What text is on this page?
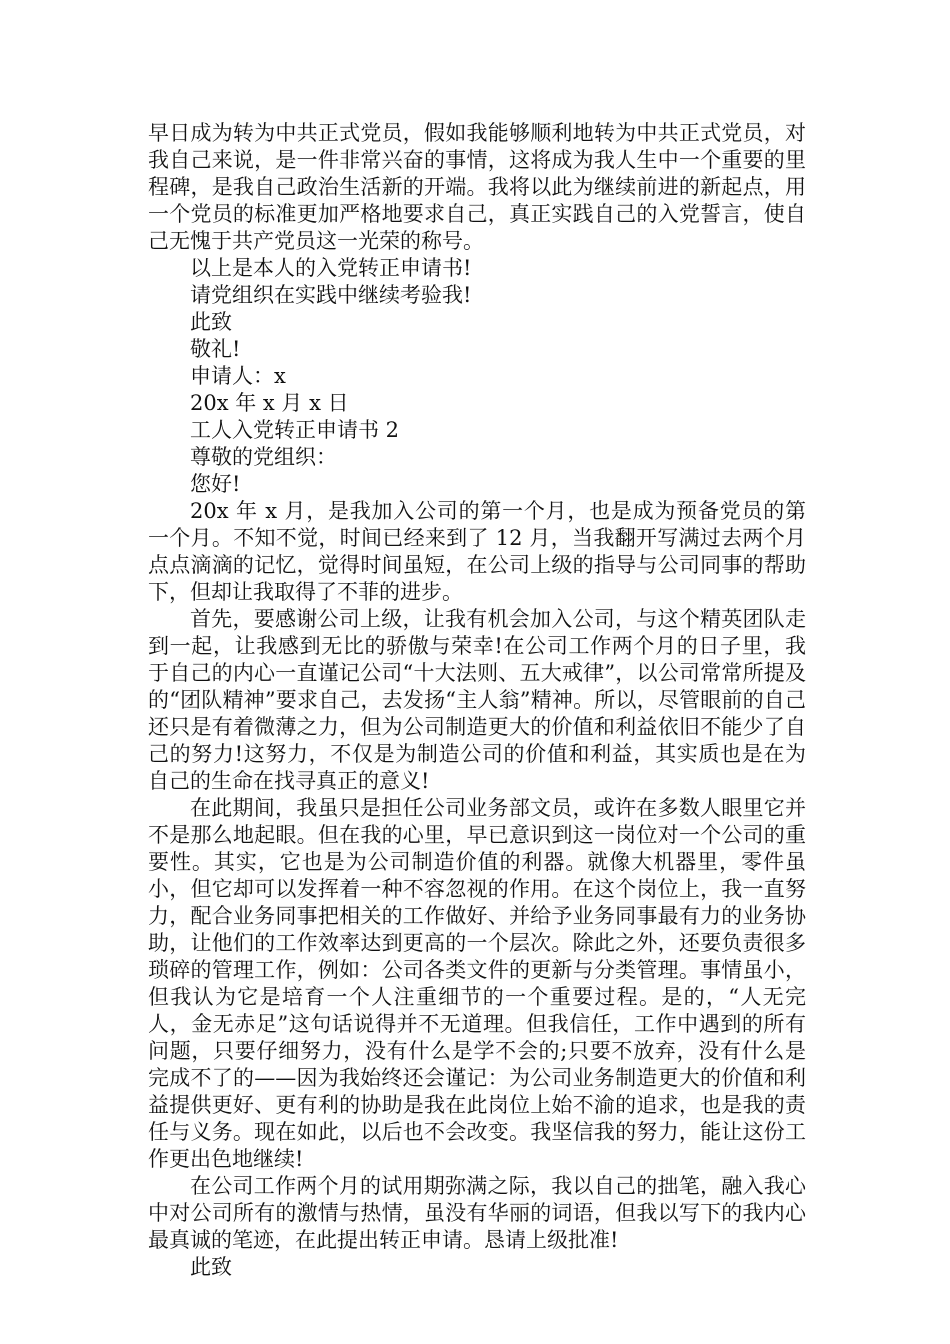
早日成为转为中共正式党员，假如我能够顺利地转为中共正式党员，对我自己来说，是一件非常兴奋的事情，这将成为我人生中一个重要的里程碑，是我自己政治生活新的开端。我将以此为继续前进的新起点，用一个党员的标准更加严格地要求自己，真正实践自己的入党誓言，使自己无愧于共产党员这一光荣的称号。

以上是本人的入党转正申请书!

请党组织在实践中继续考验我!

此致

敬礼!

申请人：x

20x 年 x 月 x 日

工人入党转正申请书 2

尊敬的党组织：

您好!

20x 年 x 月，是我加入公司的第一个月，也是成为预备党员的第一个月。不知不觉，时间已经来到了 12 月，当我翻开写满过去两个月点点滴滴的记忆，觉得时间虽短，在公司上级的指导与公司同事的帮助下，但却让我取得了不菲的进步。

首先，要感谢公司上级，让我有机会加入公司，与这个精英团队走到一起，让我感到无比的骄傲与荣幸!在公司工作两个月的日子里，我于自己的内心一直谨记公司“十大法则、五大戒律”，以公司常常所提及的“团队精神”要求自己，去发扬“主人翁”精神。所以，尽管眼前的自己还只是有着微薄之力，但为公司制造更大的价值和利益依旧不能少了自己的努力!这努力，不仅是为制造公司的价值和利益，其实质也是在为自己的生命在找寻真正的意义!

在此期间，我虽只是担任公司业务部文员，或许在多数人眼里它并不是那么地起眼。但在我的心里，早已意识到这一岗位对一个公司的重要性。其实，它也是为公司制造价值的利器。就像大机器里，零件虽小，但它却可以发挥着一种不容忽视的作用。在这个岗位上，我一直努力，配合业务同事把相关的工作做好、并给予业务同事最有力的业务协助，让他们的工作效率达到更高的一个层次。除此之外，还要负责很多琐碎的管理工作，例如：公司各类文件的更新与分类管理。事情虽小，但我认为它是培育一个人注重细节的一个重要过程。是的，“人无完人，金无赤足”这句话说得并不无道理。但我信任，工作中遇到的所有问题，只要仔细努力，没有什么是学不会的;只要不放弃，没有什么是完成不了的——因为我始终还会谨记：为公司业务制造更大的价值和利益提供更好、更有利的协助是我在此岗位上始不渝的追求，也是我的责任与义务。现在如此，以后也不会改变。我坚信我的努力，能让这份工作更出色地继续!

在公司工作两个月的试用期弥满之际，我以自己的拙笔，融入我心中对公司所有的激情与热情，虽没有华丽的词语，但我以写下的我内心最真诚的笔迹，在此提出转正申请。恳请上级批准!

此致
